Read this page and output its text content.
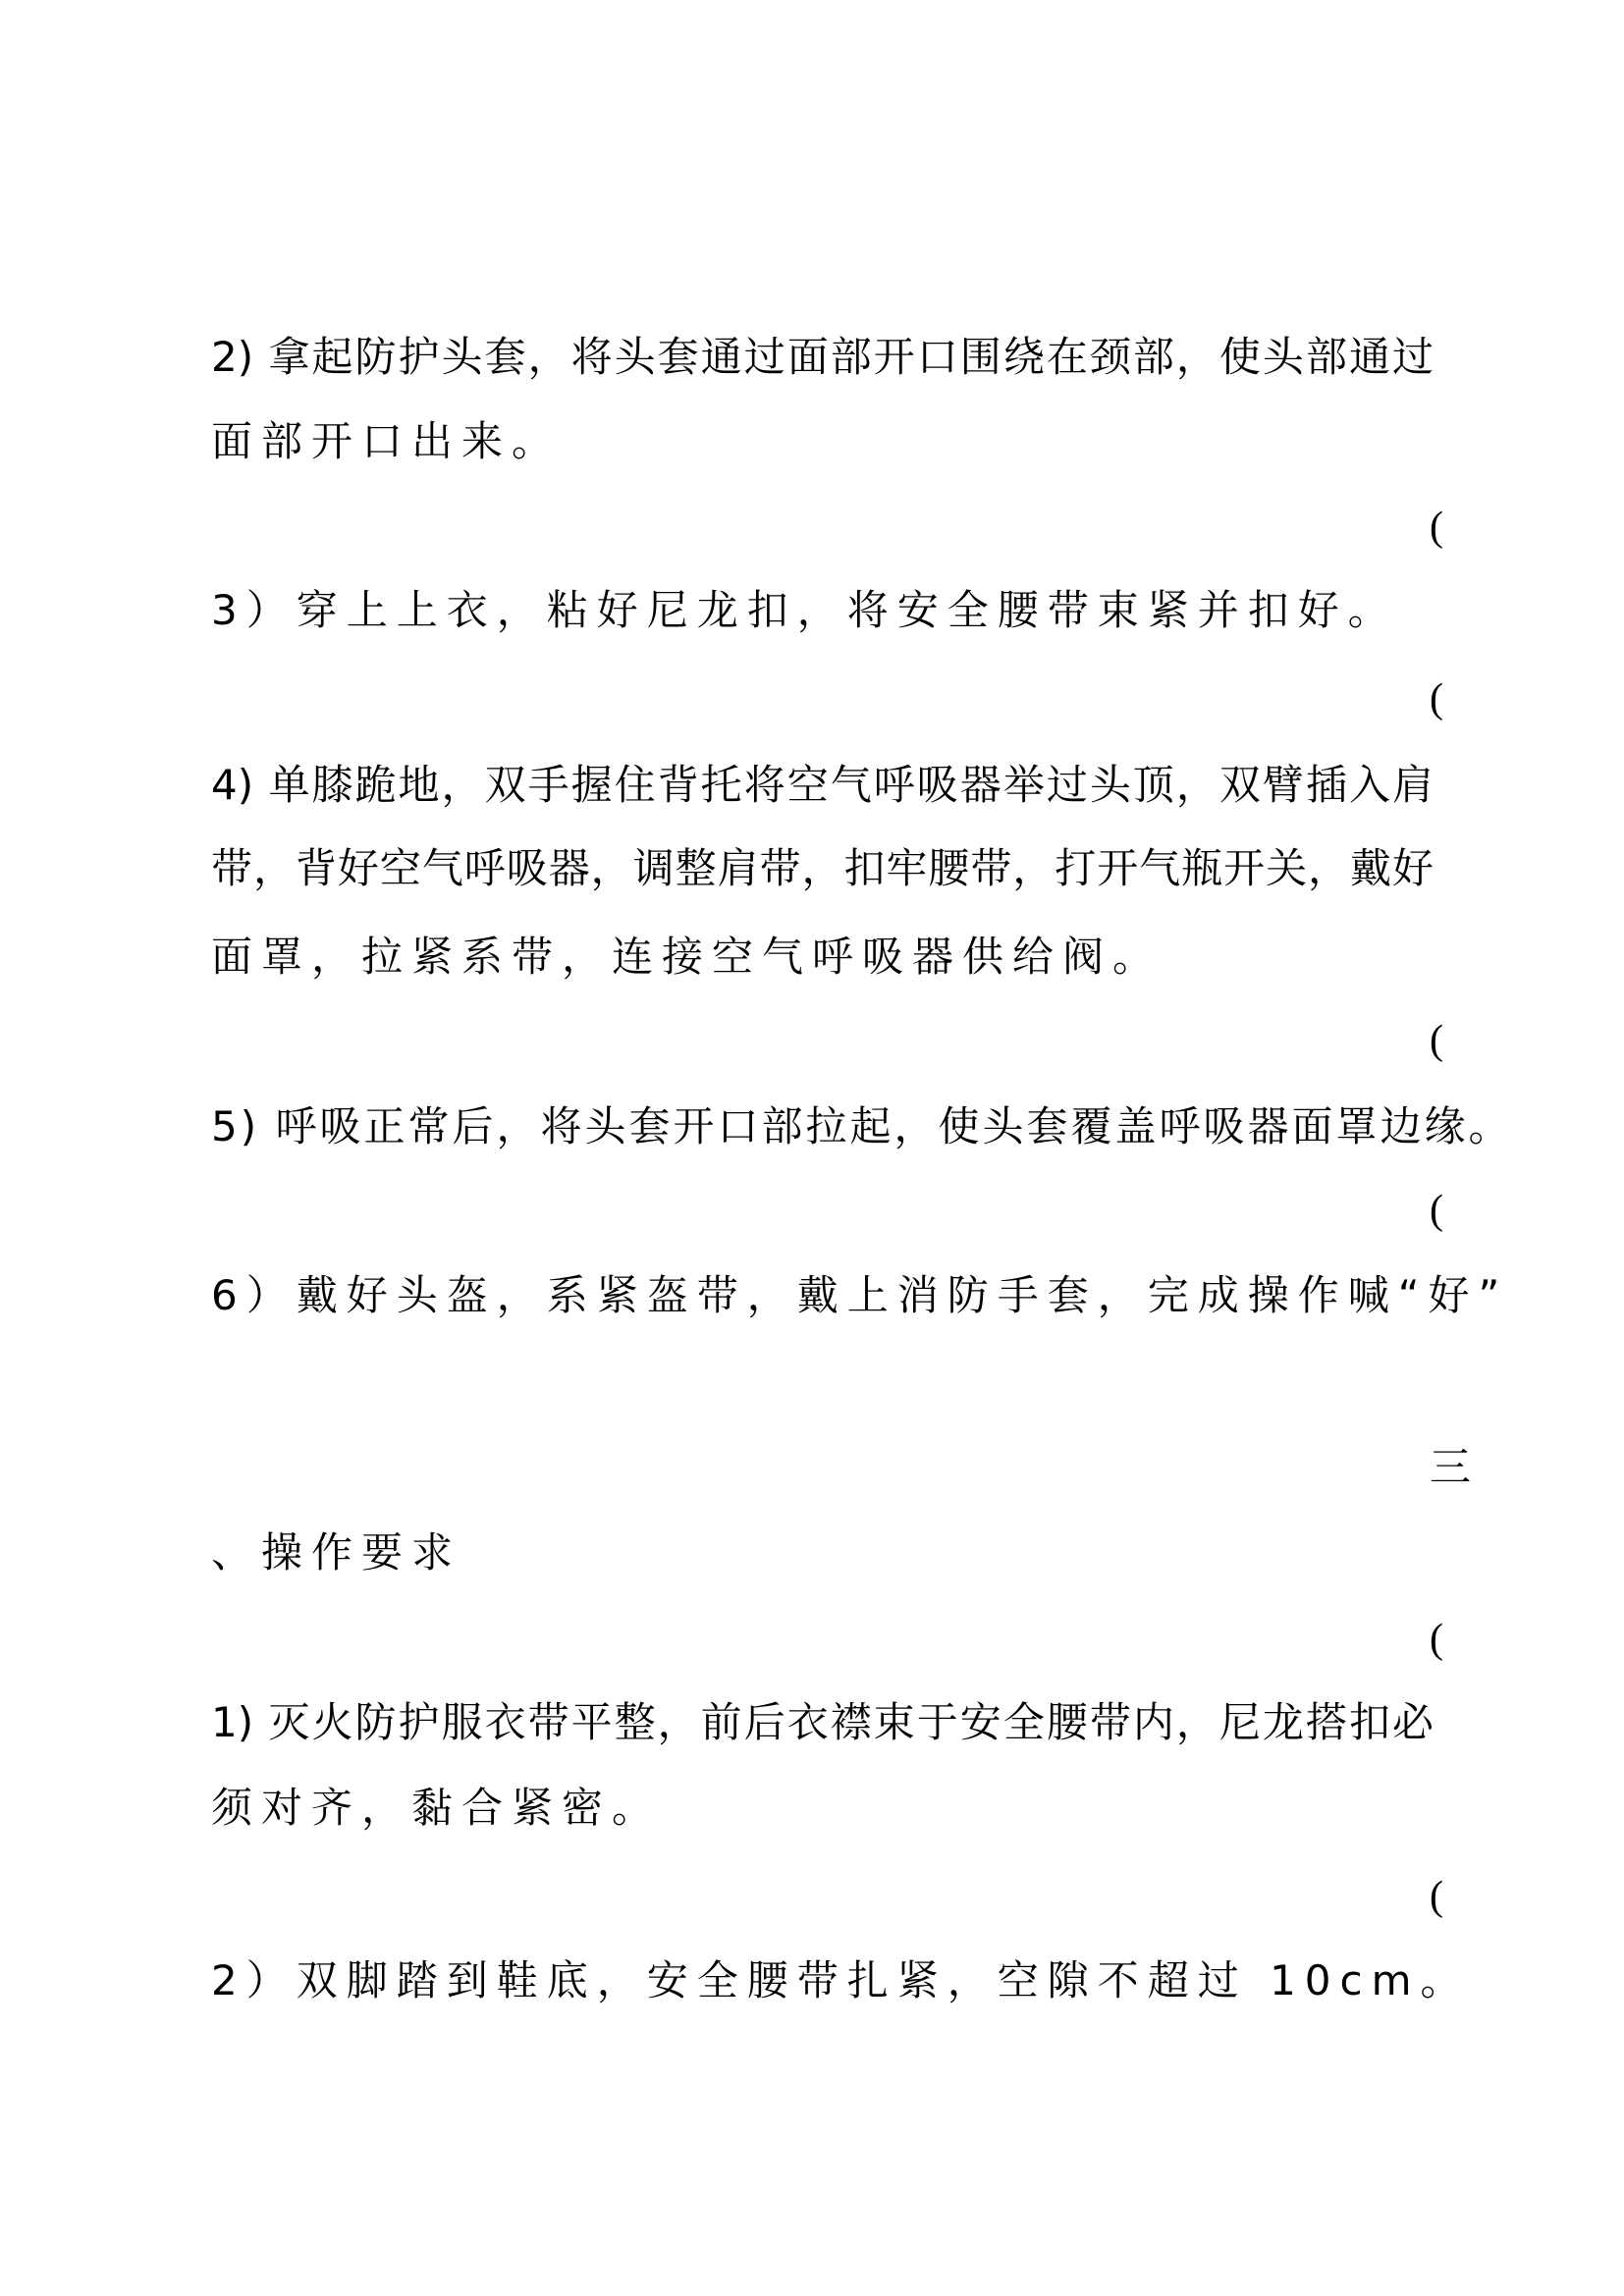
2) 拿起防护头套，将头套通过面部开口围绕在颈部，使头部通过
面部开口出来。
(
3）穿上上衣，粘好尼龙扣，将安全腰带束紧并扣好。
(
4) 单膝跪地，双手握住背托将空气呼吸器举过头顶，双臂插入肩
带，背好空气呼吸器，调整肩带，扣牢腰带，打开气瓶开关，戴好
面罩，拉紧系带，连接空气呼吸器供给阀。
(
5) 呼吸正常后，将头套开口部拉起，使头套覆盖呼吸器面罩边缘。
(
6）戴好头盔，系紧盔带，戴上消防手套，完成操作喊“好”
三
、操作要求
(
1) 灭火防护服衣带平整，前后衣襟束于安全腰带内，尼龙搭扣必
须对齐，黏合紧密。
(
2）双脚踏到鞋底，安全腰带扎紧，空隙不超过 10cm。
